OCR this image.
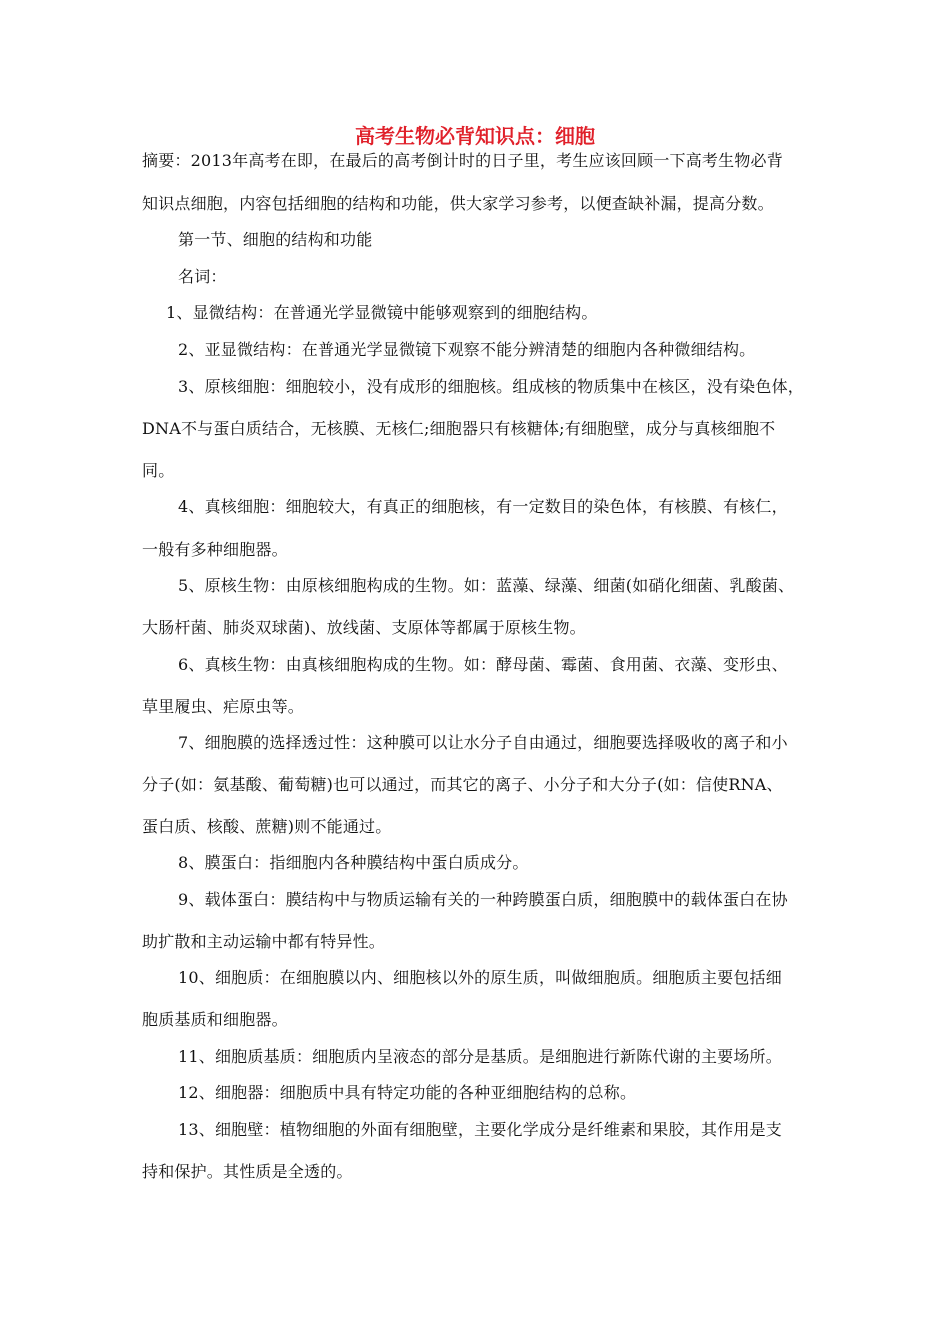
高考生物必背知识点：细胞
摘要：2013年高考在即，在最后的高考倒计时的日子里，考生应该回顾一下高考生物必背
知识点细胞，内容包括细胞的结构和功能，供大家学习参考，以便查缺补漏，提高分数。
第一节、细胞的结构和功能
名词：
1、显微结构：在普通光学显微镜中能够观察到的细胞结构。
2、亚显微结构：在普通光学显微镜下观察不能分辨清楚的细胞内各种微细结构。
3、原核细胞：细胞较小，没有成形的细胞核。组成核的物质集中在核区，没有染色体，
DNA不与蛋白质结合，无核膜、无核仁;细胞器只有核糖体;有细胞壁，成分与真核细胞不
同。
4、真核细胞：细胞较大，有真正的细胞核，有一定数目的染色体，有核膜、有核仁，
一般有多种细胞器。
5、原核生物：由原核细胞构成的生物。如：蓝藻、绿藻、细菌(如硝化细菌、乳酸菌、
大肠杆菌、肺炎双球菌)、放线菌、支原体等都属于原核生物。
6、真核生物：由真核细胞构成的生物。如：酵母菌、霉菌、食用菌、衣藻、变形虫、
草里履虫、疟原虫等。
7、细胞膜的选择透过性：这种膜可以让水分子自由通过，细胞要选择吸收的离子和小
分子(如：氨基酸、葡萄糖)也可以通过，而其它的离子、小分子和大分子(如：信使RNA、
蛋白质、核酸、蔗糖)则不能通过。
8、膜蛋白：指细胞内各种膜结构中蛋白质成分。
9、载体蛋白：膜结构中与物质运输有关的一种跨膜蛋白质，细胞膜中的载体蛋白在协
助扩散和主动运输中都有特异性。
10、细胞质：在细胞膜以内、细胞核以外的原生质，叫做细胞质。细胞质主要包括细
胞质基质和细胞器。
11、细胞质基质：细胞质内呈液态的部分是基质。是细胞进行新陈代谢的主要场所。
12、细胞器：细胞质中具有特定功能的各种亚细胞结构的总称。
13、细胞壁：植物细胞的外面有细胞壁，主要化学成分是纤维素和果胶，其作用是支
持和保护。其性质是全透的。
